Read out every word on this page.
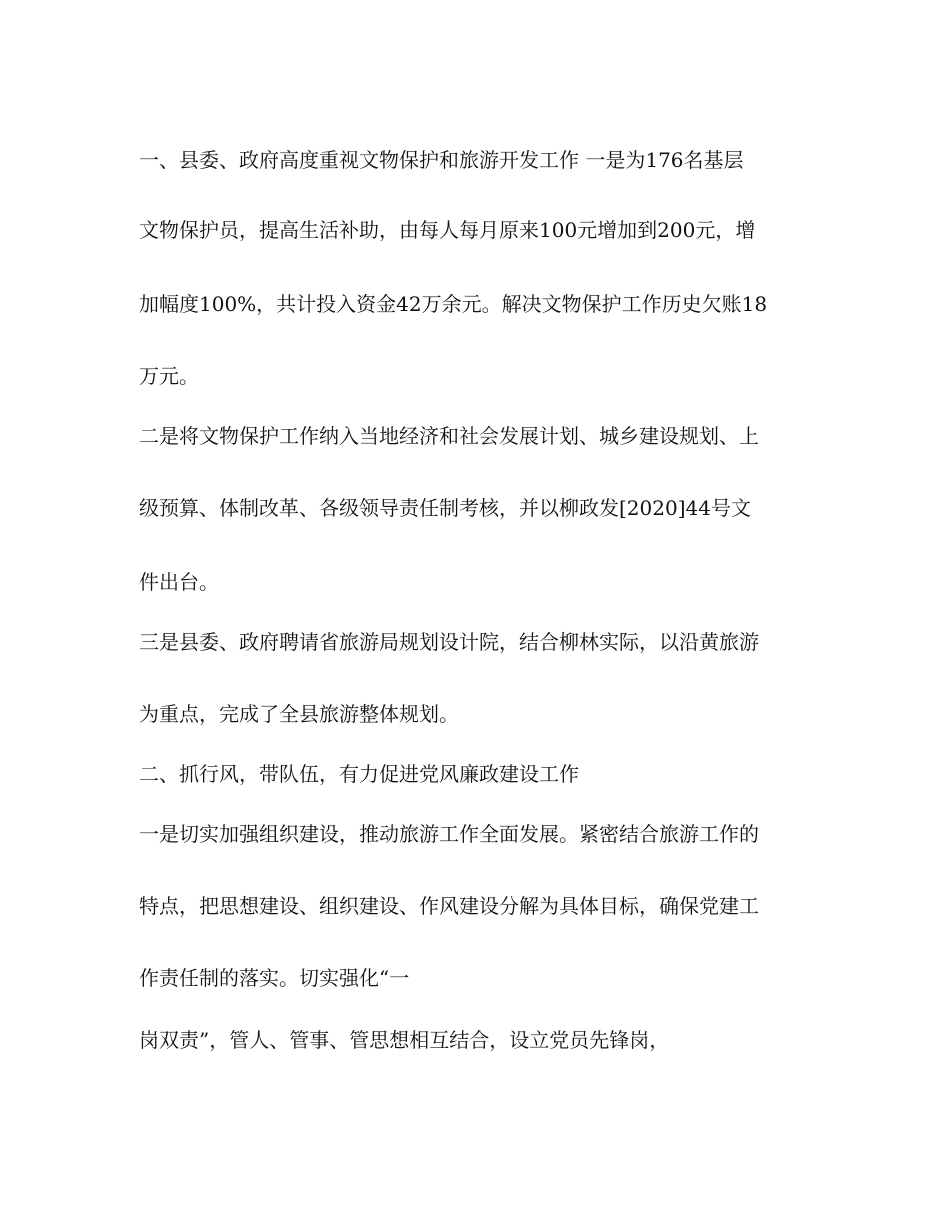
一、县委、政府高度重视文物保护和旅游开发工作 一是为176名基层
文物保护员，提高生活补助，由每人每月原来100元增加到200元，增
加幅度100%，共计投入资金42万余元。解决文物保护工作历史欠账18
万元。
二是将文物保护工作纳入当地经济和社会发展计划、城乡建设规划、上
级预算、体制改革、各级领导责任制考核，并以柳政发[2020]44号文
件出台。
三是县委、政府聘请省旅游局规划设计院，结合柳林实际，以沿黄旅游
为重点，完成了全县旅游整体规划。
二、抓行风，带队伍，有力促进党风廉政建设工作
一是切实加强组织建设，推动旅游工作全面发展。紧密结合旅游工作的
特点，把思想建设、组织建设、作风建设分解为具体目标，确保党建工
作责任制的落实。切实强化“一
岗双责”，管人、管事、管思想相互结合，设立党员先锋岗，
